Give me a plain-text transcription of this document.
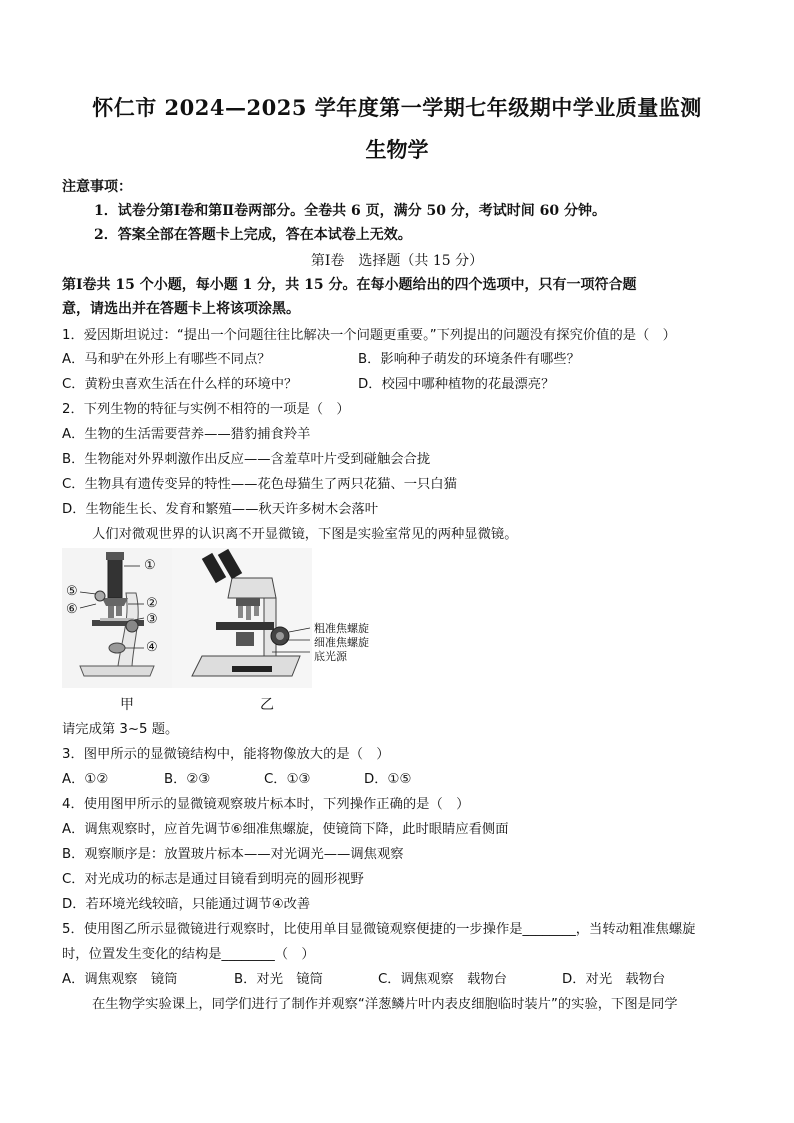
怀仁市 2024—2025 学年度第一学期七年级期中学业质量监测
生物学
注意事项：
1．试卷分第Ⅰ卷和第Ⅱ卷两部分。全卷共 6 页，满分 50 分，考试时间 60 分钟。
2．答案全部在答题卡上完成，答在本试卷上无效。
第Ⅰ卷　选择题（共 15 分）
第Ⅰ卷共 15 个小题，每小题 1 分，共 15 分。在每小题给出的四个选项中，只有一项符合题
意，请选出并在答题卡上将该项涂黑。
1．爱因斯坦说过：“提出一个问题往往比解决一个问题更重要。”下列提出的问题没有探究价值的是（　）
A．马和驴在外形上有哪些不同点？	B．影响种子萌发的环境条件有哪些？
C．黄粉虫喜欢生活在什么样的环境中？	D．校园中哪种植物的花最漂亮？
2．下列生物的特征与实例不相符的一项是（　）
A．生物的生活需要营养——猎豹捕食羚羊
B．生物能对外界刺激作出反应——含羞草叶片受到碰触会合拢
C．生物具有遗传变异的特性——花色母猫生了两只花猫、一只白猫
D．生物能生长、发育和繁殖——秋天许多树木会落叶
人们对微观世界的认识离不开显微镜，下图是实验室常见的两种显微镜。
①
②
③
④
⑤
⑥
粗准焦螺旋
细准焦螺旋
底光源
甲	乙
请完成第 3~5 题。
3．图甲所示的显微镜结构中，能将物像放大的是（　）
A．①②	B．②③	C．①③	D．①⑤
4．使用图甲所示的显微镜观察玻片标本时，下列操作正确的是（　）
A．调焦观察时，应首先调节⑥细准焦螺旋，使镜筒下降，此时眼睛应看侧面
B．观察顺序是：放置玻片标本——对光调光——调焦观察
C．对光成功的标志是通过目镜看到明亮的圆形视野
D．若环境光线较暗，只能通过调节④改善
5．使用图乙所示显微镜进行观察时，比使用单目显微镜观察便捷的一步操作是________，当转动粗准焦螺旋
时，位置发生变化的结构是________（　）
A．调焦观察　镜筒	B．对光　镜筒	C．调焦观察　载物台	D．对光　载物台
在生物学实验课上，同学们进行了制作并观察“洋葱鳞片叶内表皮细胞临时装片”的实验，下图是同学
